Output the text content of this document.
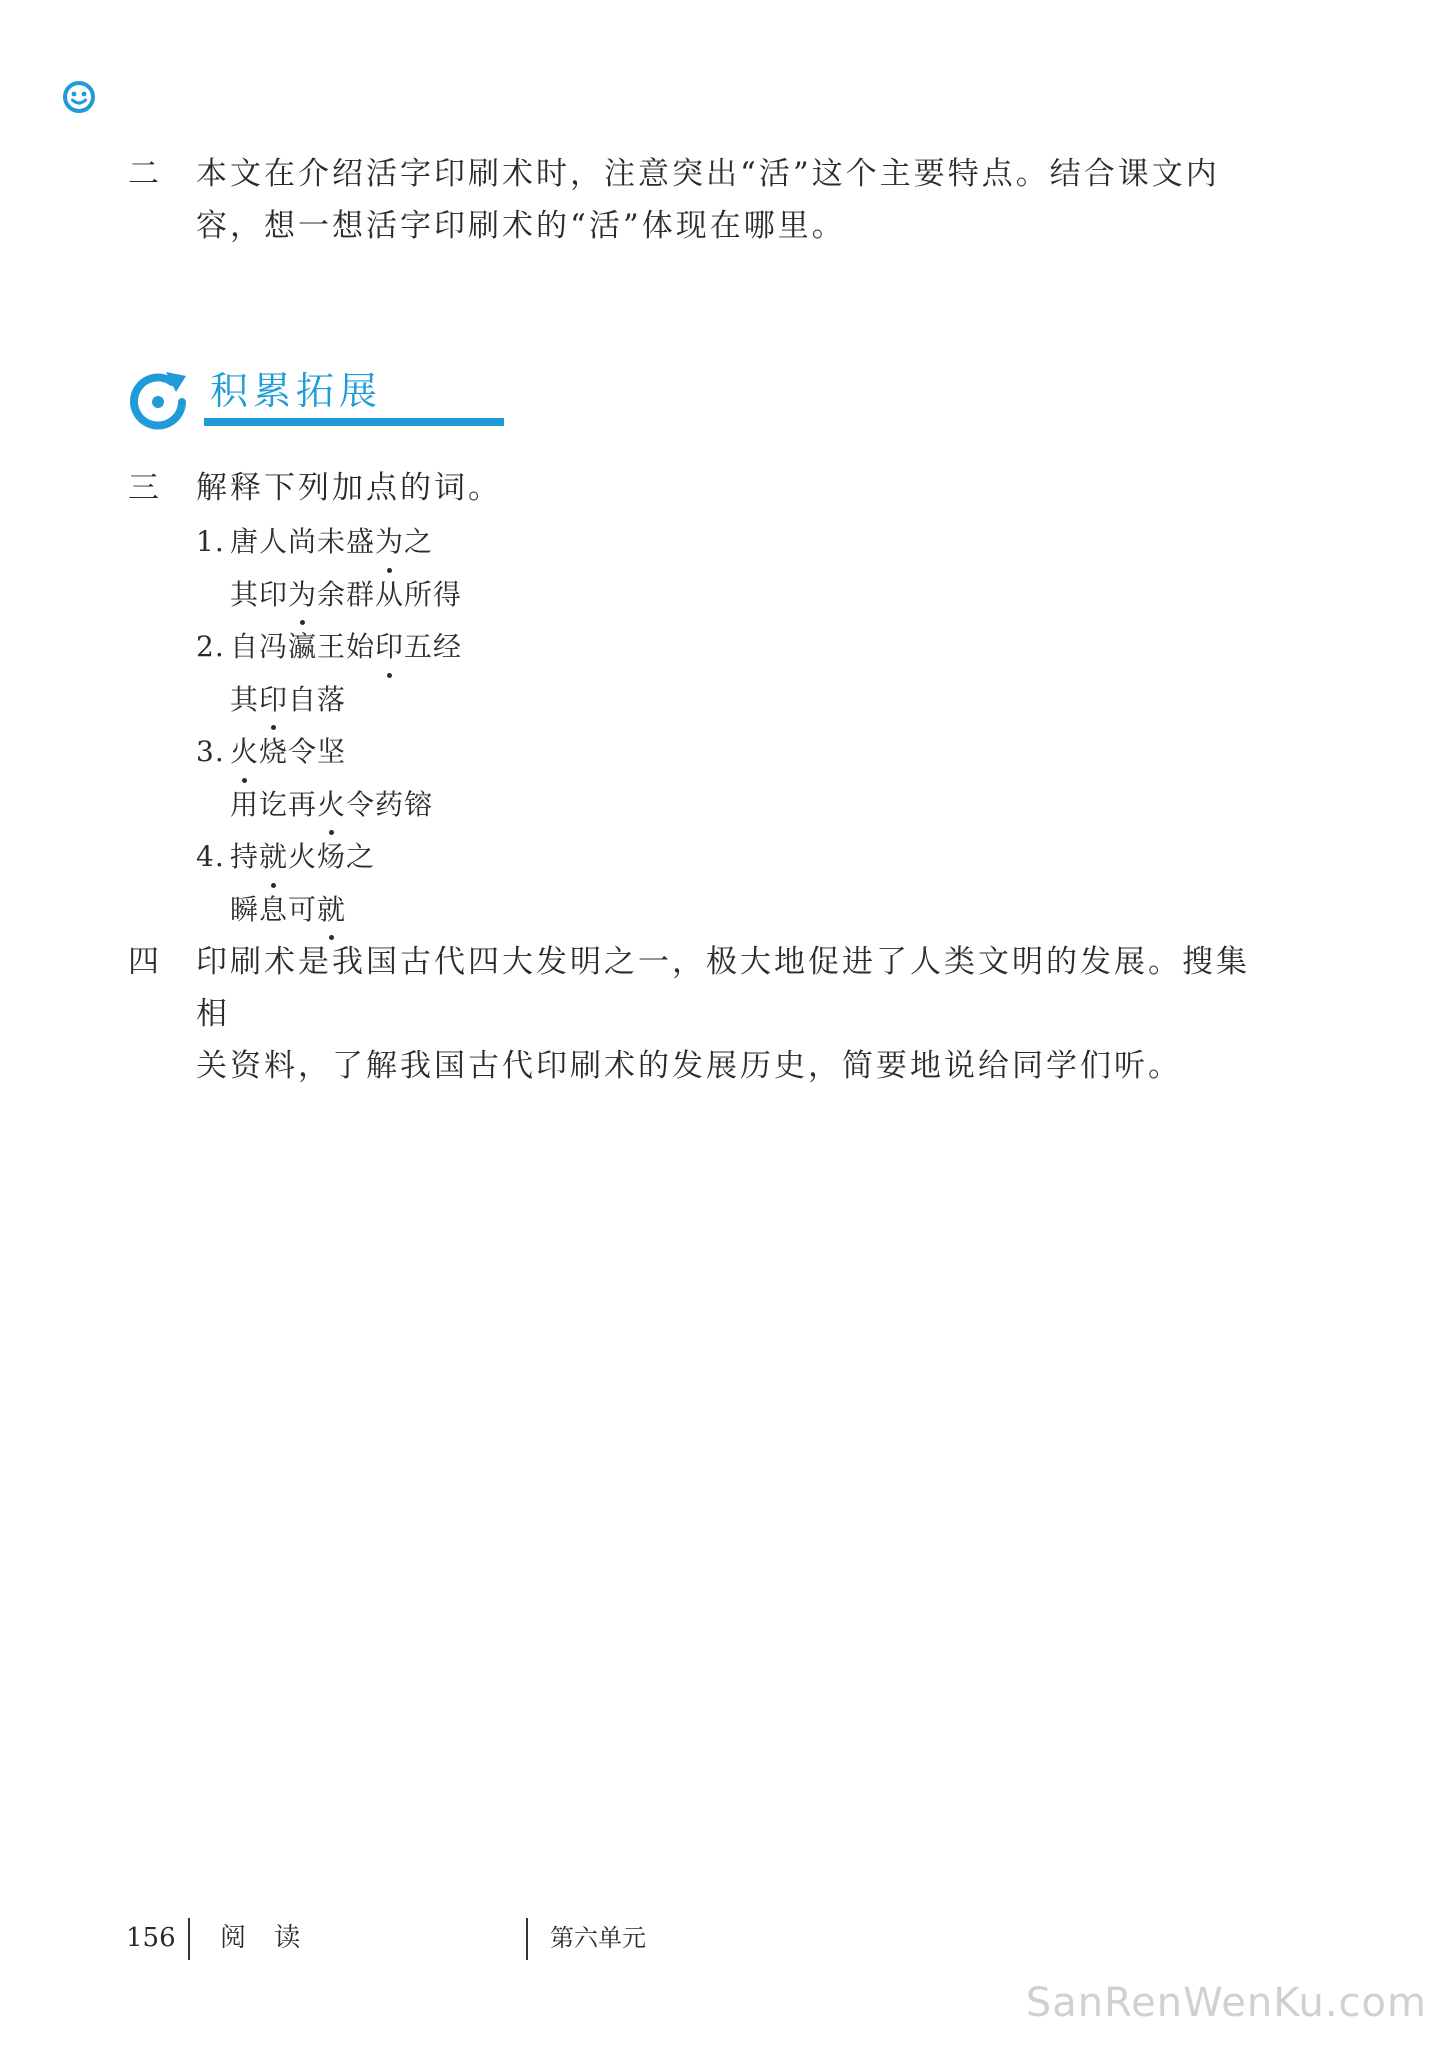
二	本文在介绍活字印刷术时，注意突出“活”这个主要特点。结合课文内
容，想一想活字印刷术的“活”体现在哪里。
积累拓展
三	解释下列加点的词。
1. 唐人尚未盛为之
其印为余群从所得
2. 自冯瀛王始印五经
其印自落
3. 火烧令坚
用讫再火令药镕
4. 持就火炀之
瞬息可就
四	印刷术是我国古代四大发明之一，极大地促进了人类文明的发展。搜集相
关资料，了解我国古代印刷术的发展历史，简要地说给同学们听。
156 阅 读	第六单元
SanRenWenKu.com
